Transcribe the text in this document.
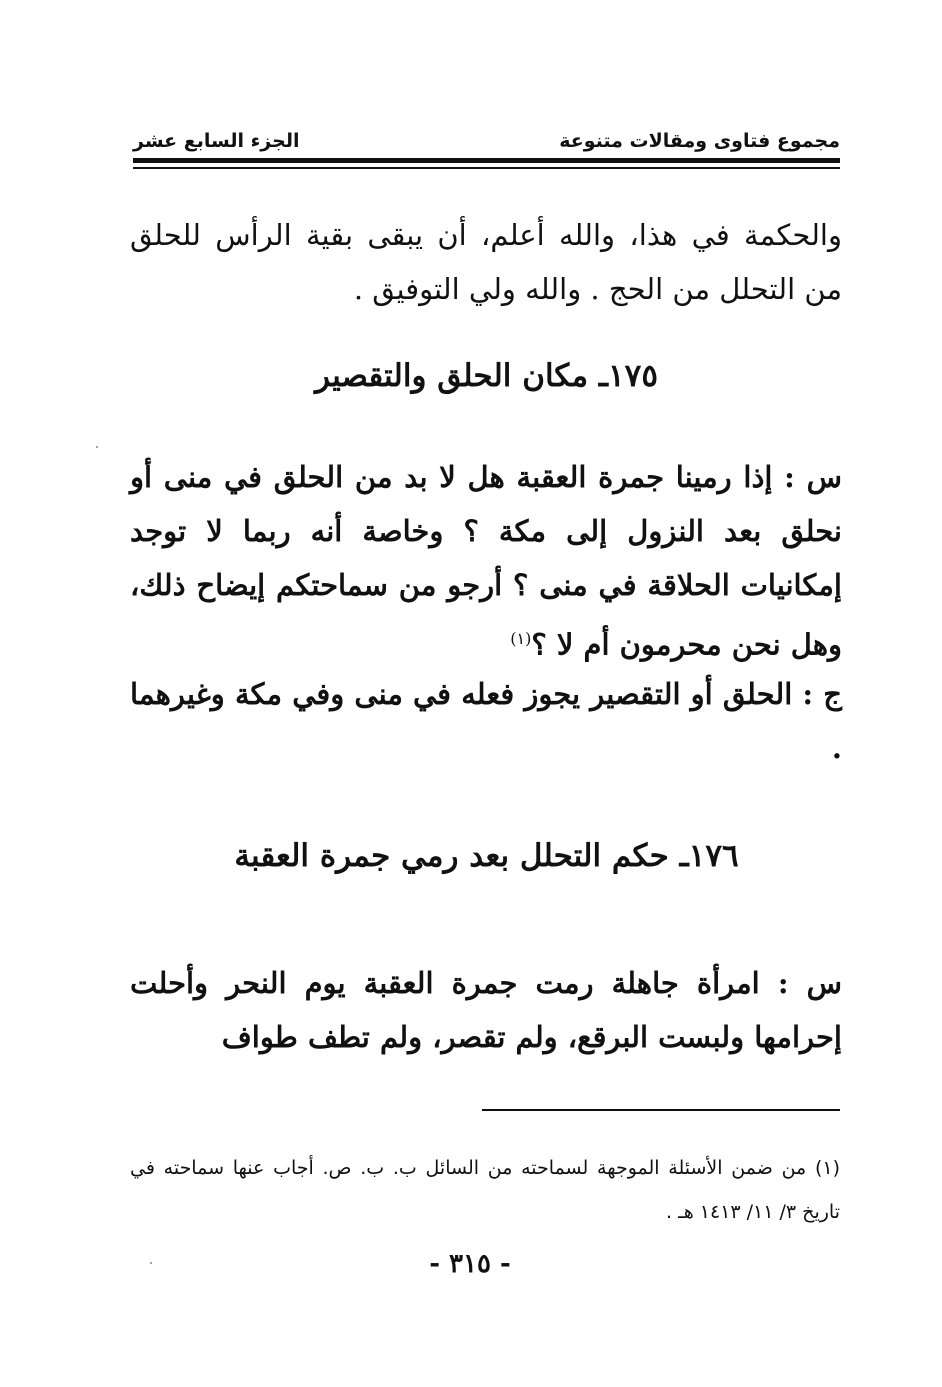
مجموع فتاوى ومقالات متنوعة
الجزء السابع عشر
والحكمة في هذا، والله أعلم، أن يبقى بقية الرأس للحلق من التحلل من الحج . والله ولي التوفيق .
١٧٥ـ مكان الحلق والتقصير
س : إذا رمينا جمرة العقبة هل لا بد من الحلق في منى أو نحلق بعد النزول إلى مكة ؟ وخاصة أنه ربما لا توجد إمكانيات الحلاقة في منى ؟ أرجو من سماحتكم إيضاح ذلك، وهل نحن محرمون أم لا ؟$^{(١)}$
ج : الحلق أو التقصير يجوز فعله في منى وفي مكة وغيرهما .
١٧٦ـ حكم التحلل بعد رمي جمرة العقبة
س : امرأة جاهلة رمت جمرة العقبة يوم النحر وأحلت إحرامها ولبست البرقع، ولم تقصر، ولم تطف طواف
(١) من ضمن الأسئلة الموجهة لسماحته من السائل ب. ب. ص. أجاب عنها سماحته في تاريخ ٣/ ١١/ ١٤١٣ هـ .
- ٣١٥ -
